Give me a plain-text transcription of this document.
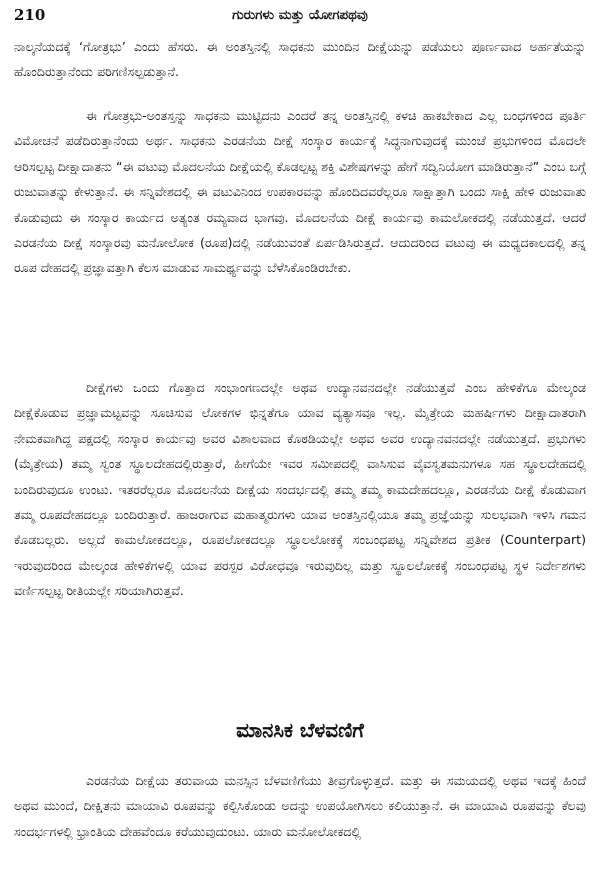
210	ಗುರುಗಳು ಮತ್ತು ಯೋಗಪಥವು

ನಾಲ್ಕನೆಯದಕ್ಕೆ ‘ಗೋತ್ರಭು’ ಎಂದು ಹೆಸರು. ಈ ಅಂತಸ್ತಿನಲ್ಲಿ ಸಾಧಕನು ಮುಂದಿನ ದೀಕ್ಷೆಯನ್ನು ಪಡೆಯಲು ಪೂರ್ಣವಾದ ಅರ್ಹತೆಯನ್ನು ಹೊಂದಿರುತ್ತಾನೆಂದು ಪರಿಗಣಿಸಲ್ಪಡುತ್ತಾನೆ.

ಈ ಗೋತ್ರಭು-ಅಂತಸ್ತನ್ನು ಸಾಧಕನು ಮುಟ್ಟಿದನು ಎಂದರೆ ತನ್ನ ಅಂತಸ್ತಿನಲ್ಲಿ ಕಳಚಿ ಹಾಕಬೇಕಾದ ಎಲ್ಲ ಬಂಧಗಳಿಂದ ಪೂರ್ತಿ ವಿಮೋಚನೆ ಪಡೆದಿರುತ್ತಾನೆಂದು ಅರ್ಥ. ಸಾಧಕನು ಎರಡನೆಯ ದೀಕ್ಷೆ ಸಂಸ್ಕಾರ ಕಾರ್ಯಕ್ಕೆ ಸಿದ್ಧನಾಗುವುದಕ್ಕೆ ಮುಂಚೆ ಪ್ರಭುಗಳಿಂದ ಮೊದಲೇ ಆರಿಸಲ್ಪಟ್ಟ ದೀಕ್ಷಾದಾತನು “ಈ ವಟುವು ಮೊದಲನೆಯ ದೀಕ್ಷೆಯಲ್ಲಿ ಕೊಡಲ್ಪಟ್ಟ ಶಕ್ತಿ ವಿಶೇಷಗಳನ್ನು ಹೇಗೆ ಸದ್ವಿನಿಯೋಗ ಮಾಡಿರುತ್ತಾನೆ” ಎಂಬ ಬಗ್ಗೆ ರುಜುವಾತನ್ನು ಕೇಳುತ್ತಾನೆ. ಈ ಸನ್ನಿವೇಶದಲ್ಲಿ ಈ ವಟುವಿನಿಂದ ಉಪಕಾರವನ್ನು ಹೊಂದಿದವರೆಲ್ಲರೂ ಸಾಕ್ಷಾತ್ತಾಗಿ ಬಂದು ಸಾಕ್ಷಿ ಹೇಳಿ ರುಜುವಾತು ಕೊಡುವುದು ಈ ಸಂಸ್ಕಾರ ಕಾರ್ಯದ ಅತ್ಯಂತ ರಮ್ಯವಾದ ಭಾಗವು. ಮೊದಲನೆಯ ದೀಕ್ಷೆ ಕಾರ್ಯವು ಕಾಮಲೋಕದಲ್ಲಿ ನಡೆಯುತ್ತದೆ. ಆದರೆ ಎರಡನೆಯ ದೀಕ್ಷೆ ಸಂಸ್ಕಾರವು ಮನೋಲೋಕ (ರೂಪ)ದಲ್ಲಿ ನಡೆಯುವಂತೆ ಏರ್ಪಡಿಸಿರುತ್ತದೆ. ಆದುದರಿಂದ ವಟುವು ಈ ಮಧ್ಯದಕಾಲದಲ್ಲಿ ತನ್ನ ರೂಪ ದೇಹದಲ್ಲಿ ಪ್ರಜ್ಞಾವತ್ತಾಗಿ ಕೆಲಸ ಮಾಡುವ ಸಾಮರ್ಥ್ಯವನ್ನು ಬೆಳೆಸಿಕೊಂಡಿರಬೇಕು.

ದೀಕ್ಷೆಗಳು ಒಂದು ಗೊತ್ತಾದ ಸಂಭಾಂಗಣದಲ್ಲೇ ಅಥವ ಉದ್ಯಾನವನದಲ್ಲೇ ನಡೆಯುತ್ತವೆ ಎಂಬ ಹೇಳಿಕೆಗೂ ಮೇಲ್ಕಂಡ ದೀಕ್ಷೆಕೊಡುವ ಪ್ರಜ್ಞಾಮಟ್ಟವನ್ನು ಸೂಚಿಸುವ ಲೋಕಗಳ ಭಿನ್ನತೆಗೂ ಯಾವ ವ್ಯತ್ಯಾಸವೂ ಇಲ್ಲ. ಮೈತ್ರೇಯ ಮಹರ್ಷಿಗಳು ದೀಕ್ಷಾದಾತರಾಗಿ ನೇಮಕವಾಗಿದ್ದ ಪಕ್ಷದಲ್ಲಿ ಸಂಸ್ಕಾರ ಕಾರ್ಯವು ಅವರ ವಿಶಾಲವಾದ ಕೊಠಡಿಯಲ್ಲೇ ಅಥವ ಅವರ ಉದ್ಯಾನವನದಲ್ಲೇ ನಡೆಯುತ್ತದೆ. ಪ್ರಭುಗಳು (ಮೈತ್ರೇಯ) ತಮ್ಮ ಸ್ವಂತ ಸ್ಥೂಲದೇಹದಲ್ಲಿರುತ್ತಾರೆ, ಹೀಗೆಯೇ ಇವರ ಸಮೀಪದಲ್ಲಿ ವಾಸಿಸುವ ವೈವಸ್ವತಮನುಗಳೂ ಸಹ ಸ್ಥೂಲದೇಹದಲ್ಲಿ ಬಂದಿರುವುದೂ ಉಂಟು. ಇತರರೆಲ್ಲರೂ ಮೊದಲನೆಯ ದೀಕ್ಷೆಯ ಸಂದರ್ಭದಲ್ಲಿ ತಮ್ಮ ತಮ್ಮ ಕಾಮದೇಹದಲ್ಲೂ, ಎರಡನೆಯ ದೀಕ್ಷೆ ಕೊಡುವಾಗ ತಮ್ಮ ರೂಪದೇಹದಲ್ಲೂ ಬಂದಿರುತ್ತಾರೆ. ಹಾಜರಾಗುವ ಮಹಾತ್ಮರುಗಳು ಯಾವ ಅಂತಸ್ತಿನಲ್ಲಿಯೂ ತಮ್ಮ ಪ್ರಜ್ಞೆಯನ್ನು ಸುಲಭವಾಗಿ ಇಳಿಸಿ ಗಮನ ಕೊಡಬಲ್ಲರು. ಅಲ್ಲದೆ ಕಾಮಲೋಕದಲ್ಲೂ, ರೂಪಲೋಕದಲ್ಲೂ ಸ್ಥೂಲಲೋಕಕ್ಕೆ ಸಂಬಂಧಪಟ್ಟ ಸನ್ನಿವೇಶದ ಪ್ರತೀಕ (Counterpart) ಇರುವುದರಿಂದ ಮೇಲ್ಕಂಡ ಹೇಳಿಕೆಗಳಲ್ಲಿ ಯಾವ ಪರಸ್ಪರ ವಿರೋಧವೂ ಇರುವುದಿಲ್ಲ ಮತ್ತು ಸ್ಥೂಲಲೋಕಕ್ಕೆ ಸಂಬಂಧಪಟ್ಟ ಸ್ಥಳ ನಿರ್ದೇಶಗಳು ವರ್ಣಿಸಲ್ಪಟ್ಟ ರೀತಿಯಲ್ಲೇ ಸರಿಯಾಗಿರುತ್ತವೆ.

ಮಾನಸಿಕ ಬೆಳವಣಿಗೆ

ಎರಡನೆಯ ದೀಕ್ಷೆಯ ತರುವಾಯ ಮನಸ್ಸಿನ ಬೆಳವಣಿಗೆಯು ತೀವ್ರಗೊಳ್ಳುತ್ತದೆ. ಮತ್ತು ಈ ಸಮಯದಲ್ಲಿ ಅಥವ ಇದಕ್ಕೆ ಹಿಂದೆ ಅಥವ ಮುಂದೆ, ದೀಕ್ಷಿತನು ಮಾಯಾವಿ ರೂಪವನ್ನು ಕಲ್ಪಿಸಿಕೊಂಡು ಅದನ್ನು ಉಪಯೋಗಿಸಲು ಕಲಿಯುತ್ತಾನೆ. ಈ ಮಾಯಾವಿ ರೂಪವನ್ನು ಕೆಲವು ಸಂದರ್ಭಗಳಲ್ಲಿ ಭ್ರಾಂತಿಯ ದೇಹವೆಂದೂ ಕರೆಯುವುದುಂಟು. ಯಾರು ಮನೋಲೋಕದಲ್ಲಿ
